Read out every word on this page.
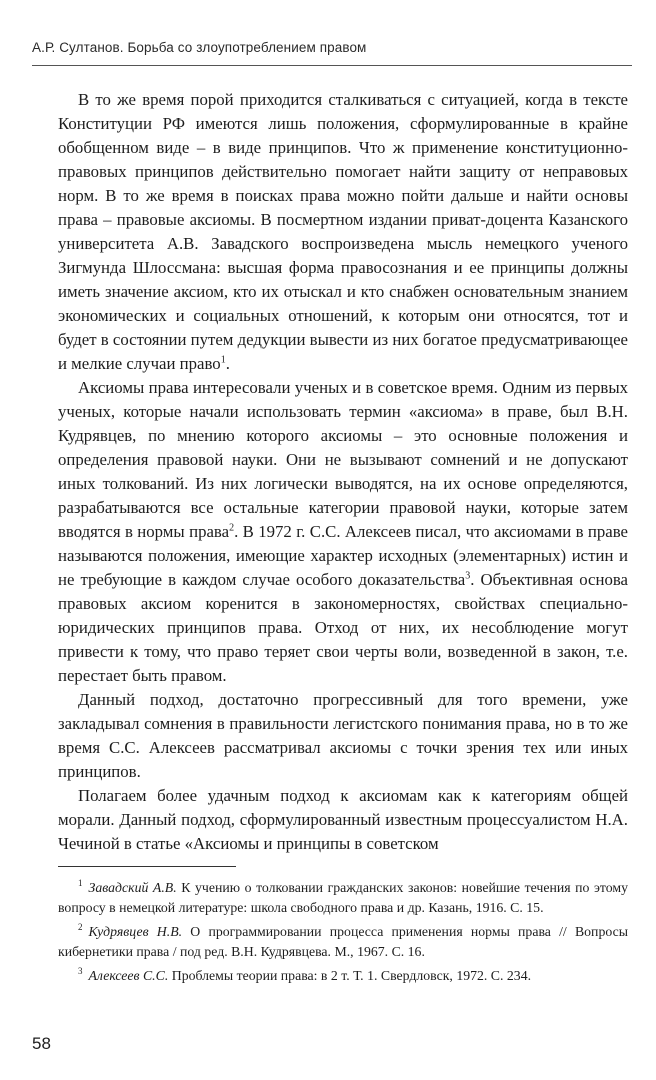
А.Р. Султанов. Борьба со злоупотреблением правом

В то же время порой приходится сталкиваться с ситуацией, когда в тексте Конституции РФ имеются лишь положения, сформулированные в крайне обобщенном виде – в виде принципов. Что ж применение конституционно-правовых принципов действительно помогает найти защиту от неправовых норм. В то же время в поисках права можно пойти дальше и найти основы права – правовые аксиомы. В посмертном издании приват-доцента Казанского университета А.В. Завадского воспроизведена мысль немецкого ученого Зигмунда Шлоссмана: высшая форма правосознания и ее принципы должны иметь значение аксиом, кто их отыскал и кто снабжен основательным знанием экономических и социальных отношений, к которым они относятся, тот и будет в состоянии путем дедукции вывести из них богатое предусматривающее и мелкие случаи право$^1$.

Аксиомы права интересовали ученых и в советское время. Одним из первых ученых, которые начали использовать термин «аксиома» в праве, был В.Н. Кудрявцев, по мнению которого аксиомы – это основные положения и определения правовой науки. Они не вызывают сомнений и не допускают иных толкований. Из них логически выводятся, на их основе определяются, разрабатываются все остальные категории правовой науки, которые затем вводятся в нормы права$^2$. В 1972 г. С.С. Алексеев писал, что аксиомами в праве называются положения, имеющие характер исходных (элементарных) истин и не требующие в каждом случае особого доказательства$^3$. Объективная основа правовых аксиом коренится в закономерностях, свойствах специально-юридических принципов права. Отход от них, их несоблюдение могут привести к тому, что право теряет свои черты воли, возведенной в закон, т.е. перестает быть правом.

Данный подход, достаточно прогрессивный для того времени, уже закладывал сомнения в правильности легистского понимания права, но в то же время С.С. Алексеев рассматривал аксиомы с точки зрения тех или иных принципов.

Полагаем более удачным подход к аксиомам как к категориям общей морали. Данный подход, сформулированный известным процессуалистом Н.А. Чечиной в статье «Аксиомы и принципы в советском

$^1$ Завадский А.В. К учению о толковании гражданских законов: новейшие течения по этому вопросу в немецкой литературе: школа свободного права и др. Казань, 1916. С. 15.

$^2$ Кудрявцев Н.В. О программировании процесса применения нормы права // Вопросы кибернетики права / под ред. В.Н. Кудрявцева. М., 1967. С. 16.

$^3$ Алексеев С.С. Проблемы теории права: в 2 т. Т. 1. Свердловск, 1972. С. 234.

58
